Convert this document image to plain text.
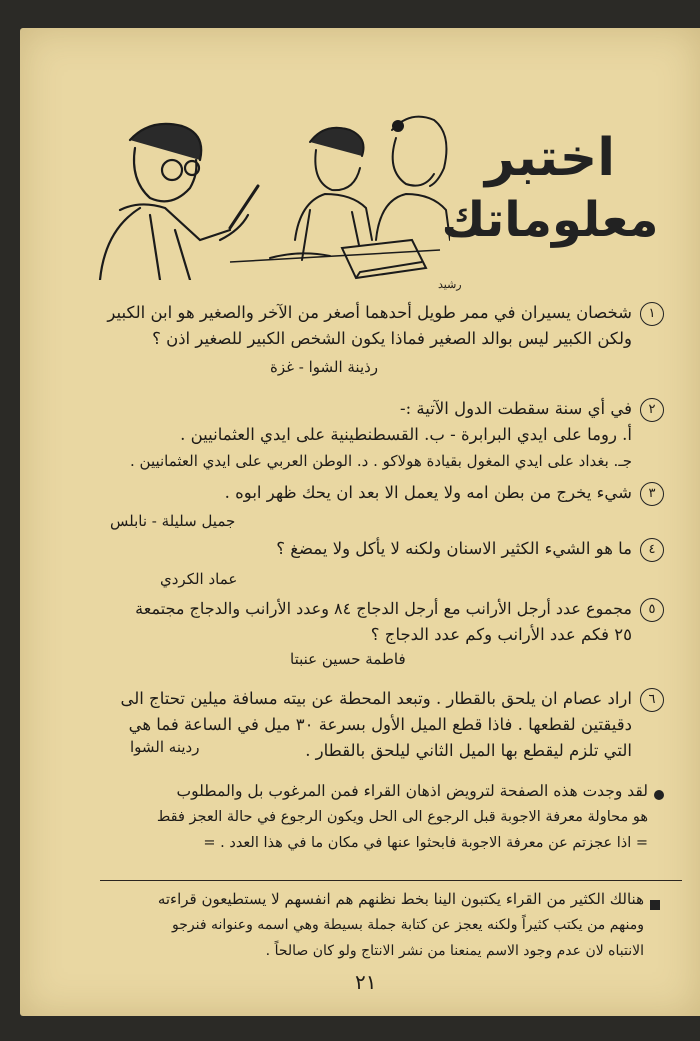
اختبر
معلوماتك
رشيد
١
شخصان يسيران في ممر طويل أحدهما أصغر من الآخر والصغير هو ابن الكبير
ولكن الكبير ليس بوالد الصغير فماذا يكون الشخص الكبير للصغير اذن ؟
رذينة الشوا - غزة
٢
في أي سنة سقطت الدول الآتية :-
أ. روما على ايدي البرابرة - ب. القسطنطينية على ايدي العثمانيين .
جـ. بغداد على ايدي المغول بقيادة هولاكو . د. الوطن العربي على ايدي العثمانيين .
٣
شيء يخرج من بطن امه ولا يعمل الا بعد ان يحك ظهر ابوه .
جميل سليلة - نابلس
٤
ما هو الشيء الكثير الاسنان ولكنه لا يأكل ولا يمضغ ؟
عماد الكردي
٥
مجموع عدد أرجل الأرانب مع أرجل الدجاج ٨٤ وعدد الأرانب والدجاج مجتمعة
٢٥ فكم عدد الأرانب وكم عدد الدجاج ؟
فاطمة حسين عنبتا
٦
اراد عصام ان يلحق بالقطار . وتبعد المحطة عن بيته مسافة ميلين تحتاج الى
دقيقتين لقطعها . فاذا قطع الميل الأول بسرعة ٣٠ ميل في الساعة فما هي
التي تلزم ليقطع بها الميل الثاني ليلحق بالقطار .
ردينه الشوا
لقد وجدت هذه الصفحة لترويض اذهان القراء فمن المرغوب بل والمطلوب
هو محاولة معرفة الاجوبة قبل الرجوع الى الحل ويكون الرجوع في حالة العجز فقط
= اذا عجزتم عن معرفة الاجوبة فابحثوا عنها في مكان ما في هذا العدد . =
هنالك الكثير من القراء يكتبون الينا بخط نظنهم هم انفسهم لا يستطيعون قراءته
ومنهم من يكتب كثيراً ولكنه يعجز عن كتابة جملة بسيطة وهي اسمه وعنوانه فنرجو
الانتباه لان عدم وجود الاسم يمنعنا من نشر الانتاج ولو كان صالحاً .
٢١
